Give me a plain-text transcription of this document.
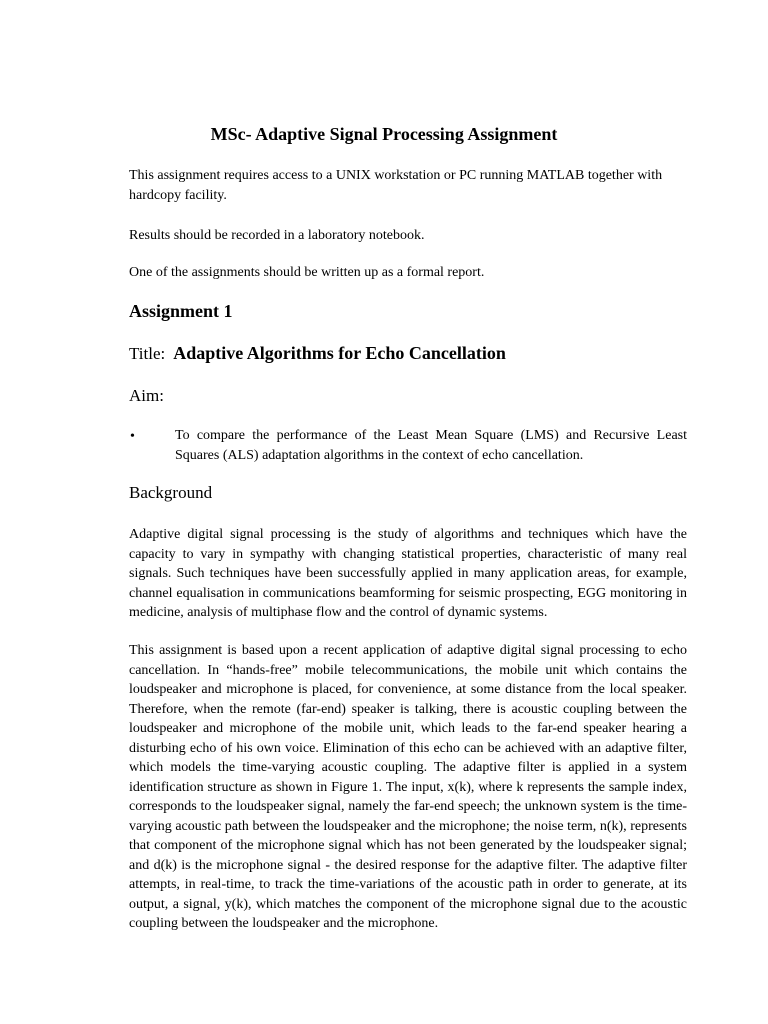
MSc- Adaptive Signal Processing Assignment

This assignment requires access to a UNIX workstation or PC running MATLAB together with hardcopy facility.

Results should be recorded in a laboratory notebook.

One of the assignments should be written up as a formal report.

Assignment 1
Title: Adaptive Algorithms for Echo Cancellation
Aim:
•	To compare the performance of the Least Mean Square (LMS) and Recursive Least Squares (ALS) adaptation algorithms in the context of echo cancellation.

Background

Adaptive digital signal processing is the study of algorithms and techniques which have the capacity to vary in sympathy with changing statistical properties, characteristic of many real signals. Such techniques have been successfully applied in many application areas, for example, channel equalisation in communications beamforming for seismic prospecting, EGG monitoring in medicine, analysis of multiphase flow and the control of dynamic systems.

This assignment is based upon a recent application of adaptive digital signal processing to echo cancellation. In “hands-free” mobile telecommunications, the mobile unit which contains the loudspeaker and microphone is placed, for convenience, at some distance from the local speaker. Therefore, when the remote (far-end) speaker is talking, there is acoustic coupling between the loudspeaker and microphone of the mobile unit, which leads to the far-end speaker hearing a disturbing echo of his own voice. Elimination of this echo can be achieved with an adaptive filter, which models the time-varying acoustic coupling. The adaptive filter is applied in a system identification structure as shown in Figure 1. The input, x(k), where k represents the sample index, corresponds to the loudspeaker signal, namely the far-end speech; the unknown system is the time-varying acoustic path between the loudspeaker and the microphone; the noise term, n(k), represents that component of the microphone signal which has not been generated by the loudspeaker signal; and d(k) is the microphone signal - the desired response for the adaptive filter. The adaptive filter attempts, in real-time, to track the time-variations of the acoustic path in order to generate, at its output, a signal, y(k), which matches the component of the microphone signal due to the acoustic coupling between the loudspeaker and the microphone.
